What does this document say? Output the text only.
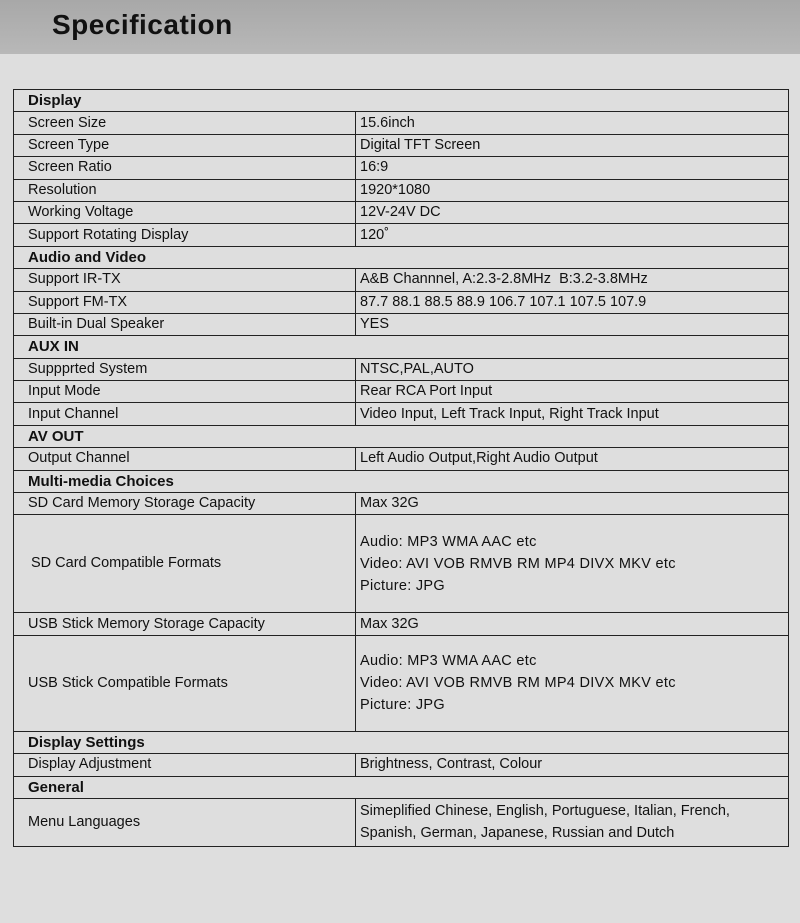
Specification
Display	
Screen Size	15.6inch
Screen Type	Digital TFT Screen
Screen Ratio	16:9
Resolution	1920*1080
Working Voltage	12V-24V DC
Support Rotating Display	120˚
Audio and Video	
Support IR-TX	A&B Channnel, A:2.3-2.8MHz  B:3.2-3.8MHz
Support FM-TX	87.7 88.1 88.5 88.9 106.7 107.1 107.5 107.9
Built-in Dual Speaker	YES
AUX IN	
Suppprted System	NTSC,PAL,AUTO
Input Mode	Rear RCA Port Input
Input Channel	Video Input, Left Track Input, Right Track Input
AV OUT	
Output Channel	Left Audio Output,Right Audio Output
Multi-media Choices	
SD Card Memory Storage Capacity	Max 32G
SD Card Compatible Formats	Audio: MP3 WMA AAC etc
Video: AVI VOB RMVB RM MP4 DIVX MKV etc
Picture: JPG

USB Stick Memory Storage Capacity	Max 32G
USB Stick Compatible Formats	Audio: MP3 WMA AAC etc
Video: AVI VOB RMVB RM MP4 DIVX MKV etc
Picture: JPG

Display Settings	
Display Adjustment	Brightness, Contrast, Colour
General	
Menu Languages	Simeplified Chinese, English, Portuguese, Italian, French,
Spanish, German, Japanese, Russian and Dutch
